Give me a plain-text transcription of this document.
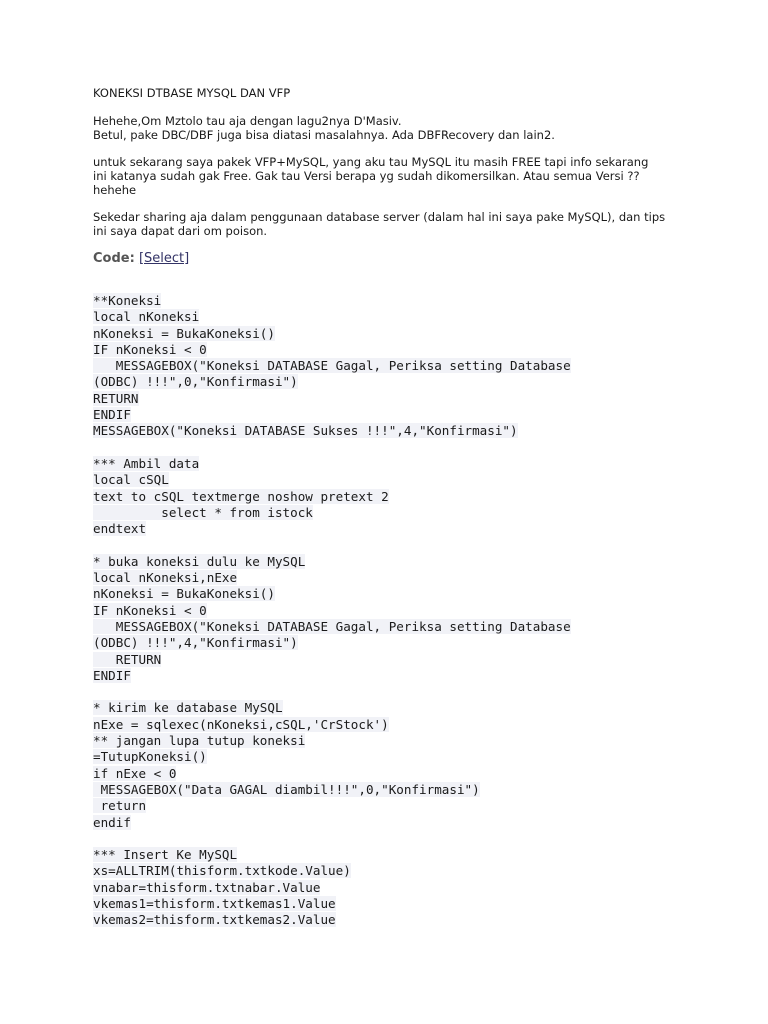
KONEKSI DTBASE MYSQL DAN VFP

Hehehe,Om Mztolo tau aja dengan lagu2nya D'Masiv.
Betul, pake DBC/DBF juga bisa diatasi masalahnya. Ada DBFRecovery dan lain2.

untuk sekarang saya pakek VFP+MySQL, yang aku tau MySQL itu masih FREE tapi info sekarang
ini katanya sudah gak Free. Gak tau Versi berapa yg sudah dikomersilkan. Atau semua Versi ??
hehehe

Sekedar sharing aja dalam penggunaan database server (dalam hal ini saya pake MySQL), dan tips
ini saya dapat dari om poison.

Code: [Select]
**Koneksi
local nKoneksi
nKoneksi = BukaKoneksi()
IF nKoneksi < 0
MESSAGEBOX("Koneksi DATABASE Gagal, Periksa setting Database
(ODBC) !!!",0,"Konfirmasi")
RETURN
ENDIF
MESSAGEBOX("Koneksi DATABASE Sukses !!!",4,"Konfirmasi")
*** Ambil data
local cSQL
text to cSQL textmerge noshow pretext 2
select * from istock
endtext
* buka koneksi dulu ke MySQL
local nKoneksi,nExe
nKoneksi = BukaKoneksi()
IF nKoneksi < 0
MESSAGEBOX("Koneksi DATABASE Gagal, Periksa setting Database
(ODBC) !!!",4,"Konfirmasi")
RETURN
ENDIF
* kirim ke database MySQL
nExe = sqlexec(nKoneksi,cSQL,'CrStock')
** jangan lupa tutup koneksi
=TutupKoneksi()
if nExe < 0
MESSAGEBOX("Data GAGAL diambil!!!",0,"Konfirmasi")
return
endif
*** Insert Ke MySQL
xs=ALLTRIM(thisform.txtkode.Value)
vnabar=thisform.txtnabar.Value
vkemas1=thisform.txtkemas1.Value
vkemas2=thisform.txtkemas2.Value
